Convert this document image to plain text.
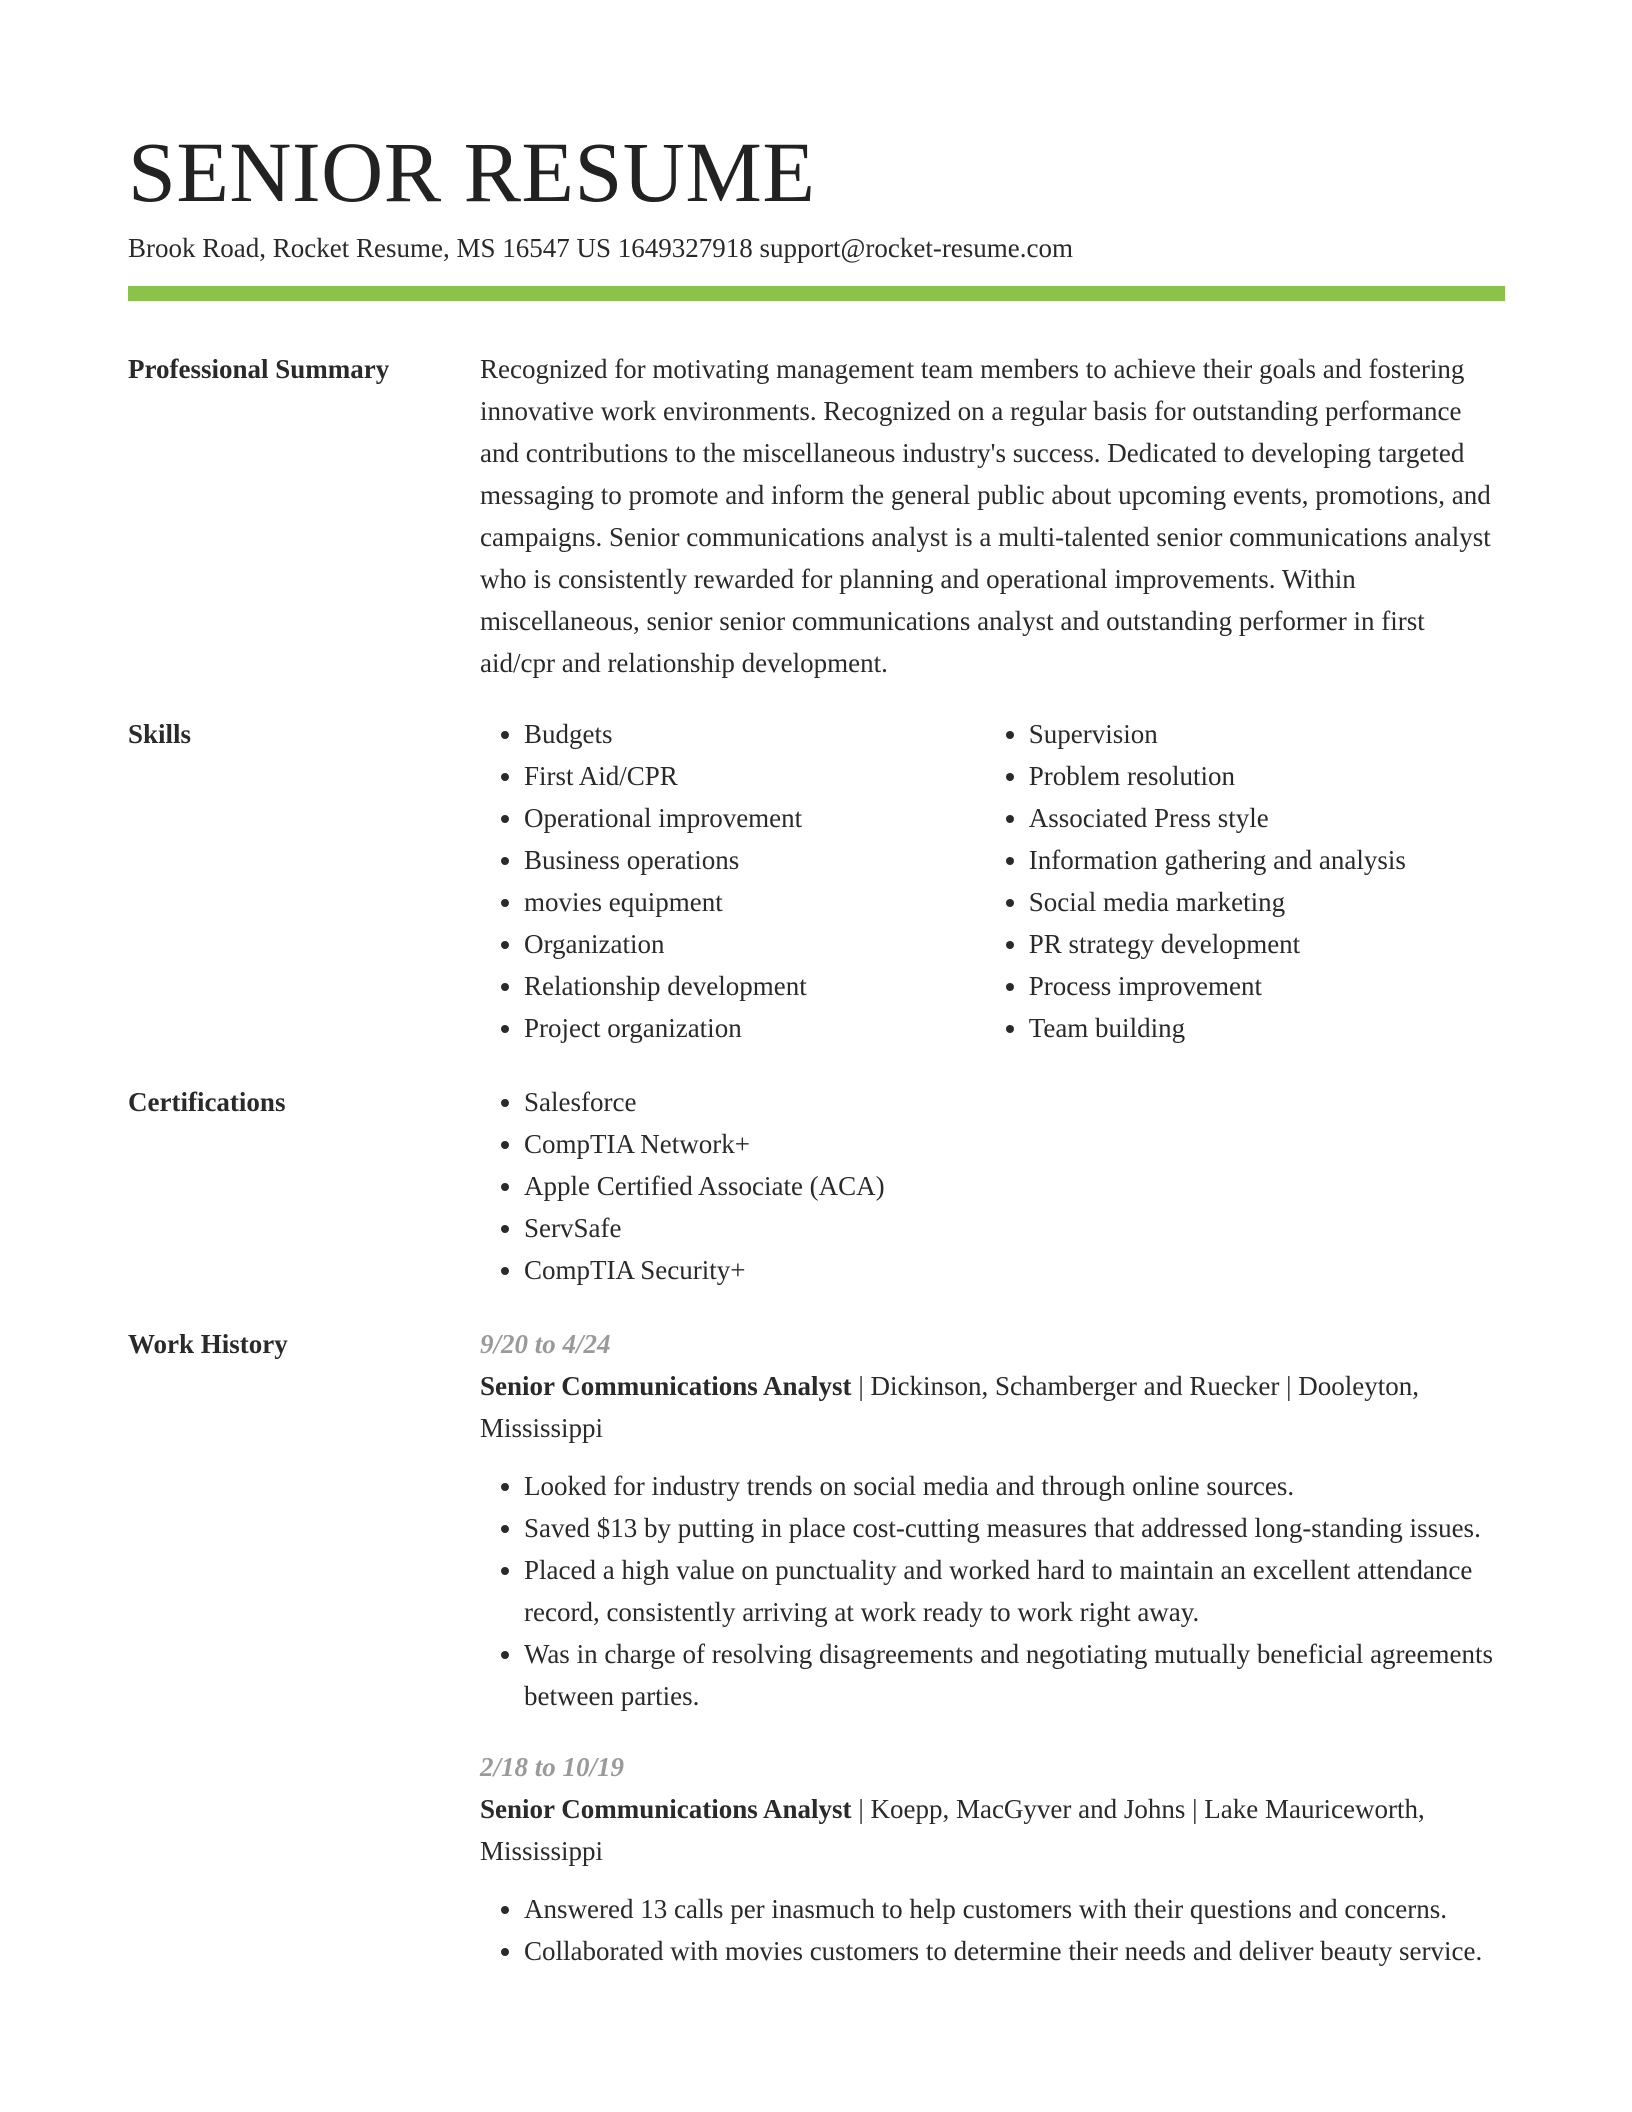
SENIOR RESUME
Brook Road, Rocket Resume, MS 16547 US 1649327918 support@rocket-resume.com
Professional Summary	Recognized for motivating management team members to achieve their goals and fostering innovative work environments. Recognized on a regular basis for outstanding performance and contributions to the miscellaneous industry's success. Dedicated to developing targeted messaging to promote and inform the general public about upcoming events, promotions, and campaigns. Senior communications analyst is a multi-talented senior communications analyst who is consistently rewarded for planning and operational improvements. Within miscellaneous, senior senior communications analyst and outstanding performer in first aid/cpr and relationship development.

Skills	• Budgets
• First Aid/CPR
• Operational improvement
• Business operations
• movies equipment
• Organization
• Relationship development
• Project organization
• Supervision
• Problem resolution
• Associated Press style
• Information gathering and analysis
• Social media marketing
• PR strategy development
• Process improvement
• Team building
Certifications	• Salesforce
• CompTIA Network+
• Apple Certified Associate (ACA)
• ServSafe
• CompTIA Security+
Work History	9/20 to 4/24
Senior Communications Analyst | Dickinson, Schamberger and Ruecker | Dooleyton, Mississippi
• Looked for industry trends on social media and through online sources.
• Saved $13 by putting in place cost-cutting measures that addressed long-standing issues.
• Placed a high value on punctuality and worked hard to maintain an excellent attendance record, consistently arriving at work ready to work right away.
• Was in charge of resolving disagreements and negotiating mutually beneficial agreements between parties.
2/18 to 10/19
Senior Communications Analyst | Koepp, MacGyver and Johns | Lake Mauriceworth, Mississippi
• Answered 13 calls per inasmuch to help customers with their questions and concerns.
• Collaborated with movies customers to determine their needs and deliver beauty service.
